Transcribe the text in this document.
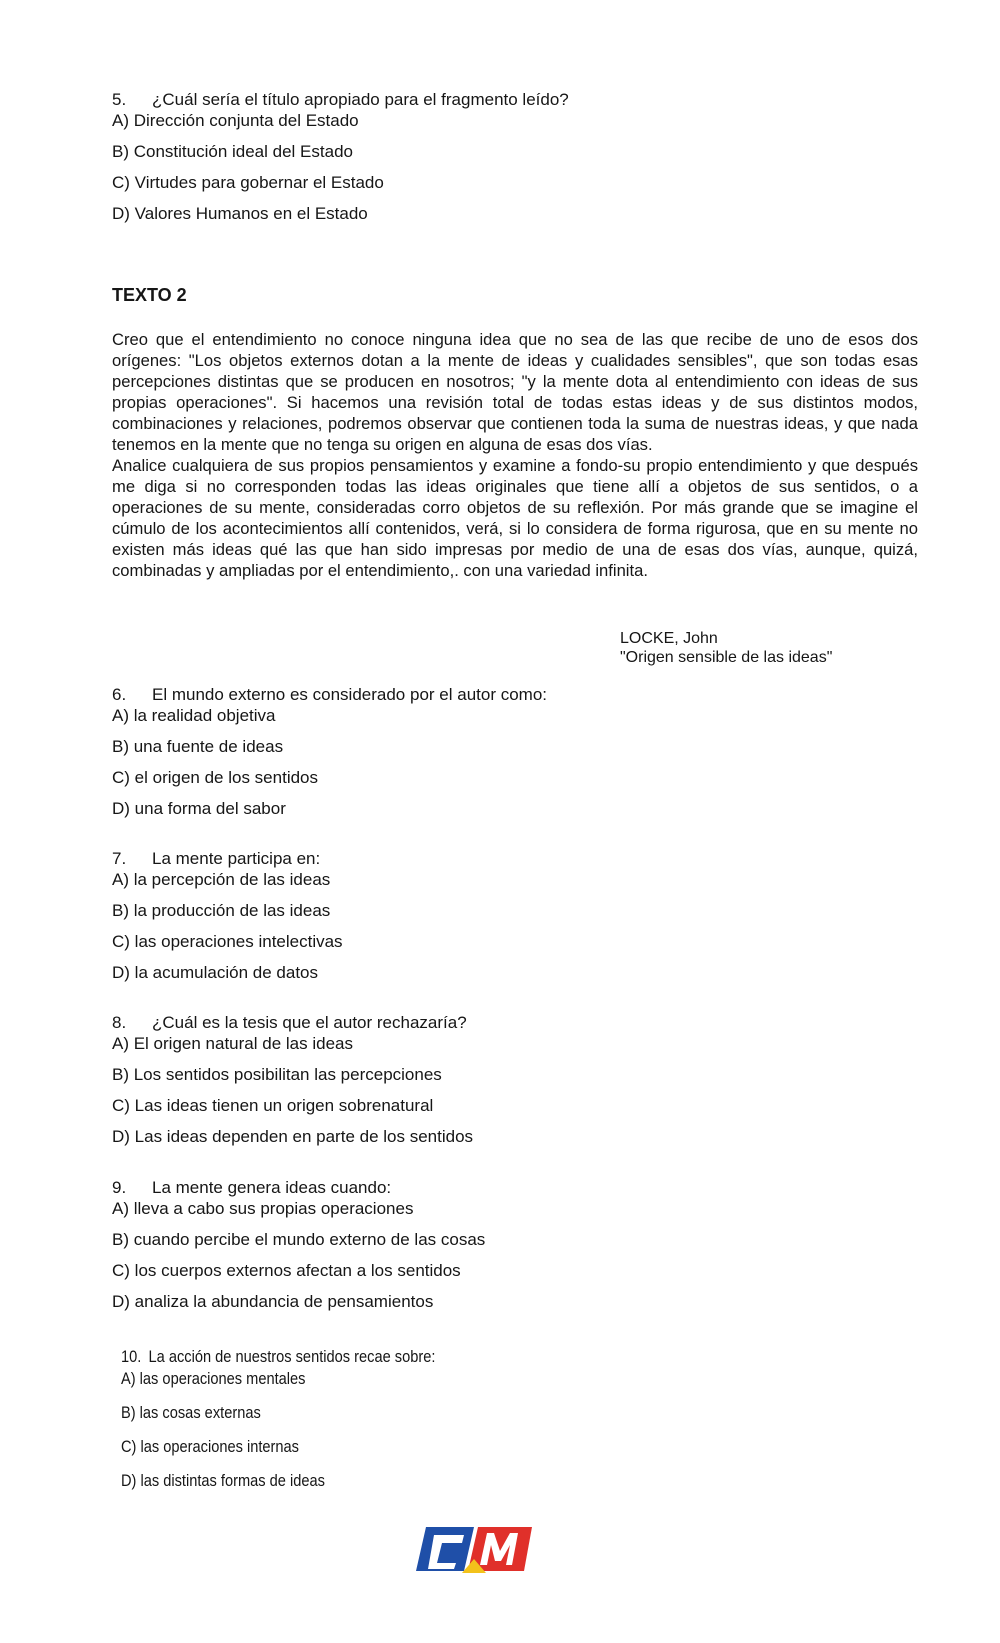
5. ¿Cuál sería el título apropiado para el fragmento leído?

A) Dirección conjunta del Estado

B) Constitución ideal del Estado

C) Virtudes para gobernar el Estado

D) Valores Humanos en el Estado

TEXTO 2

Creo que el entendimiento no conoce ninguna idea que no sea de las que recibe de uno de esos dos orígenes: "Los objetos externos dotan a la mente de ideas y cualidades sensibles", que son todas esas percepciones distintas que se producen en nosotros; "y la mente dota al entendimiento con ideas de sus propias operaciones". Si hacemos una revisión total de todas estas ideas y de sus distintos modos, combinaciones y relaciones, podremos observar que contienen toda la suma de nuestras ideas, y que nada tenemos en la mente que no tenga su origen en alguna de esas dos vías.

Analice cualquiera de sus propios pensamientos y examine a fondo-su propio entendimiento y que después me diga si no corresponden todas las ideas originales que tiene allí a objetos de sus sentidos, o a operaciones de su mente, consideradas corro objetos de su reflexión. Por más grande que se imagine el cúmulo de los acontecimientos allí contenidos, verá, si lo considera de forma rigurosa, que en su mente no existen más ideas qué las que han sido impresas por medio de una de esas dos vías, aunque, quizá, combinadas y ampliadas por el entendimiento,. con una variedad infinita.

LOCKE, John
"Origen sensible de las ideas"

6. El mundo externo es considerado por el autor como:

A) la realidad objetiva

B) una fuente de ideas

C) el origen de los sentidos

D) una forma del sabor

7. La mente participa en:

A) la percepción de las ideas

B) la producción de las ideas

C) las operaciones intelectivas

D) la acumulación de datos

8. ¿Cuál es la tesis que el autor rechazaría?

A) El origen natural de las ideas

B) Los sentidos posibilitan las percepciones

C) Las ideas tienen un origen sobrenatural

D) Las ideas dependen en parte de los sentidos

9. La mente genera ideas cuando:

A) lleva a cabo sus propias operaciones

B) cuando percibe el mundo externo de las cosas

C) los cuerpos externos afectan a los sentidos

D) analiza la abundancia de pensamientos

10. La acción de nuestros sentidos recae sobre:

A) las operaciones mentales

B) las cosas externas

C) las operaciones internas

D) las distintas formas de ideas
